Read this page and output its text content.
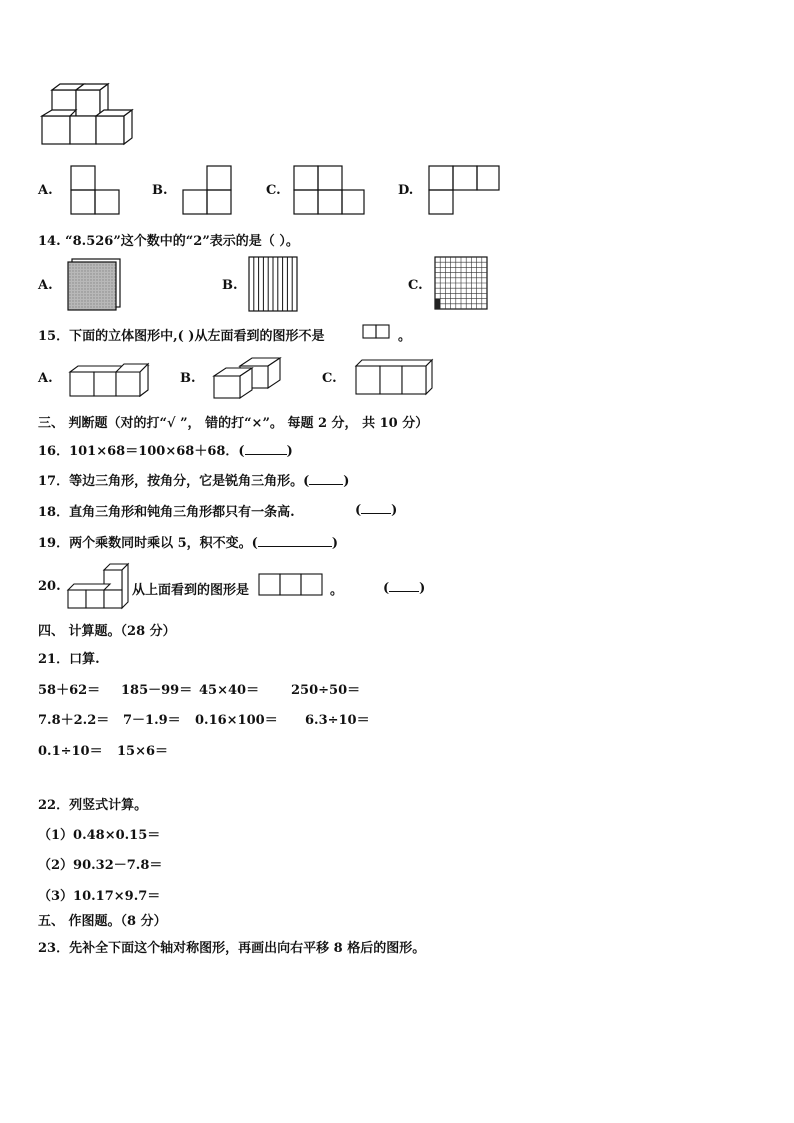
A.	B.	C.	D.
14. “8.526”这个数中的“2”表示的是（ ）。
A.	B.	C.
15．下面的立体图形中,( )从左面看到的图形不是	。
A.	B.	C.
三、 判断题（对的打“√ ”， 错的打“×”。 每题 2 分， 共 10 分）
16．101×68＝100×68＋68．(	)
17．等边三角形，按角分，它是锐角三角形。(	)
18．直角三角形和钝角三角形都只有一条高.	( )
19．两个乘数同时乘以 5，积不变。(	)
20.	从上面看到的图形是	。	( )
四、 计算题。（28 分）
21．口算.
58＋62＝ 185－99＝ 45×40＝ 250÷50＝
7.8＋2.2＝ 7－1.9＝ 0.16×100＝ 6.3÷10＝
0.1÷10＝ 15×6＝
22．列竖式计算。
（1）0.48×0.15＝
（2）90.32－7.8＝
（3）10.17×9.7＝
五、 作图题。（8 分）
23．先补全下面这个轴对称图形，再画出向右平移 8 格后的图形。
